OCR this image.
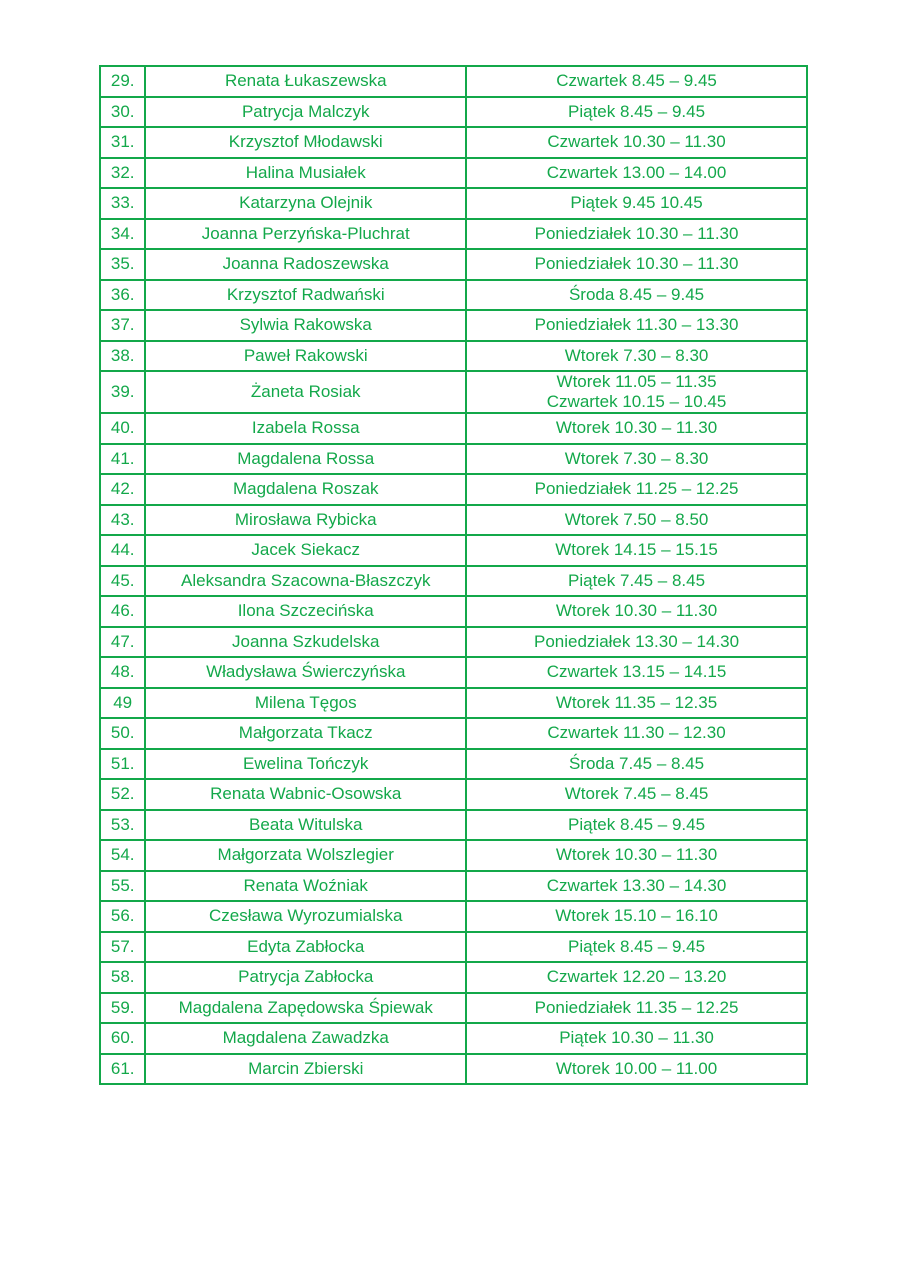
29.	Renata Łukaszewska	Czwartek 8.45 – 9.45

30.	Patrycja Malczyk	Piątek 8.45 – 9.45

31.	Krzysztof Młodawski	Czwartek 10.30 – 11.30

32.	Halina Musiałek	Czwartek 13.00 – 14.00

33.	Katarzyna Olejnik	Piątek 9.45 10.45

34.	Joanna Perzyńska-Pluchrat	Poniedziałek 10.30 – 11.30

35.	Joanna Radoszewska	Poniedziałek 10.30 – 11.30

36.	Krzysztof Radwański	Środa 8.45 – 9.45

37.	Sylwia Rakowska	Poniedziałek 11.30 – 13.30

38.	Paweł Rakowski	Wtorek 7.30 – 8.30

39.	Żaneta Rosiak	Wtorek 11.05 – 11.35
Czwartek 10.15 – 10.45

40.	Izabela Rossa	Wtorek 10.30 – 11.30

41.	Magdalena Rossa	Wtorek 7.30 – 8.30

42.	Magdalena Roszak	Poniedziałek 11.25 – 12.25

43.	Mirosława Rybicka	Wtorek 7.50 – 8.50

44.	Jacek Siekacz	Wtorek 14.15 – 15.15

45.	Aleksandra Szacowna-Błaszczyk	Piątek 7.45 – 8.45

46.	Ilona Szczecińska	Wtorek 10.30 – 11.30

47.	Joanna Szkudelska	Poniedziałek 13.30 – 14.30

48.	Władysława Świerczyńska	Czwartek 13.15 – 14.15

49	Milena Tęgos	Wtorek 11.35 – 12.35

50.	Małgorzata Tkacz	Czwartek 11.30 – 12.30

51.	Ewelina Tończyk	Środa 7.45 – 8.45

52.	Renata Wabnic-Osowska	Wtorek 7.45 – 8.45

53.	Beata Witulska	Piątek 8.45 – 9.45

54.	Małgorzata Wolszlegier	Wtorek 10.30 – 11.30

55.	Renata Woźniak	Czwartek 13.30 – 14.30

56.	Czesława Wyrozumialska	Wtorek 15.10 – 16.10

57.	Edyta Zabłocka	Piątek 8.45 – 9.45

58.	Patrycja Zabłocka	Czwartek 12.20 – 13.20

59.	Magdalena Zapędowska Śpiewak	Poniedziałek 11.35 – 12.25

60.	Magdalena Zawadzka	Piątek 10.30 – 11.30

61.	Marcin Zbierski	Wtorek 10.00 – 11.00
